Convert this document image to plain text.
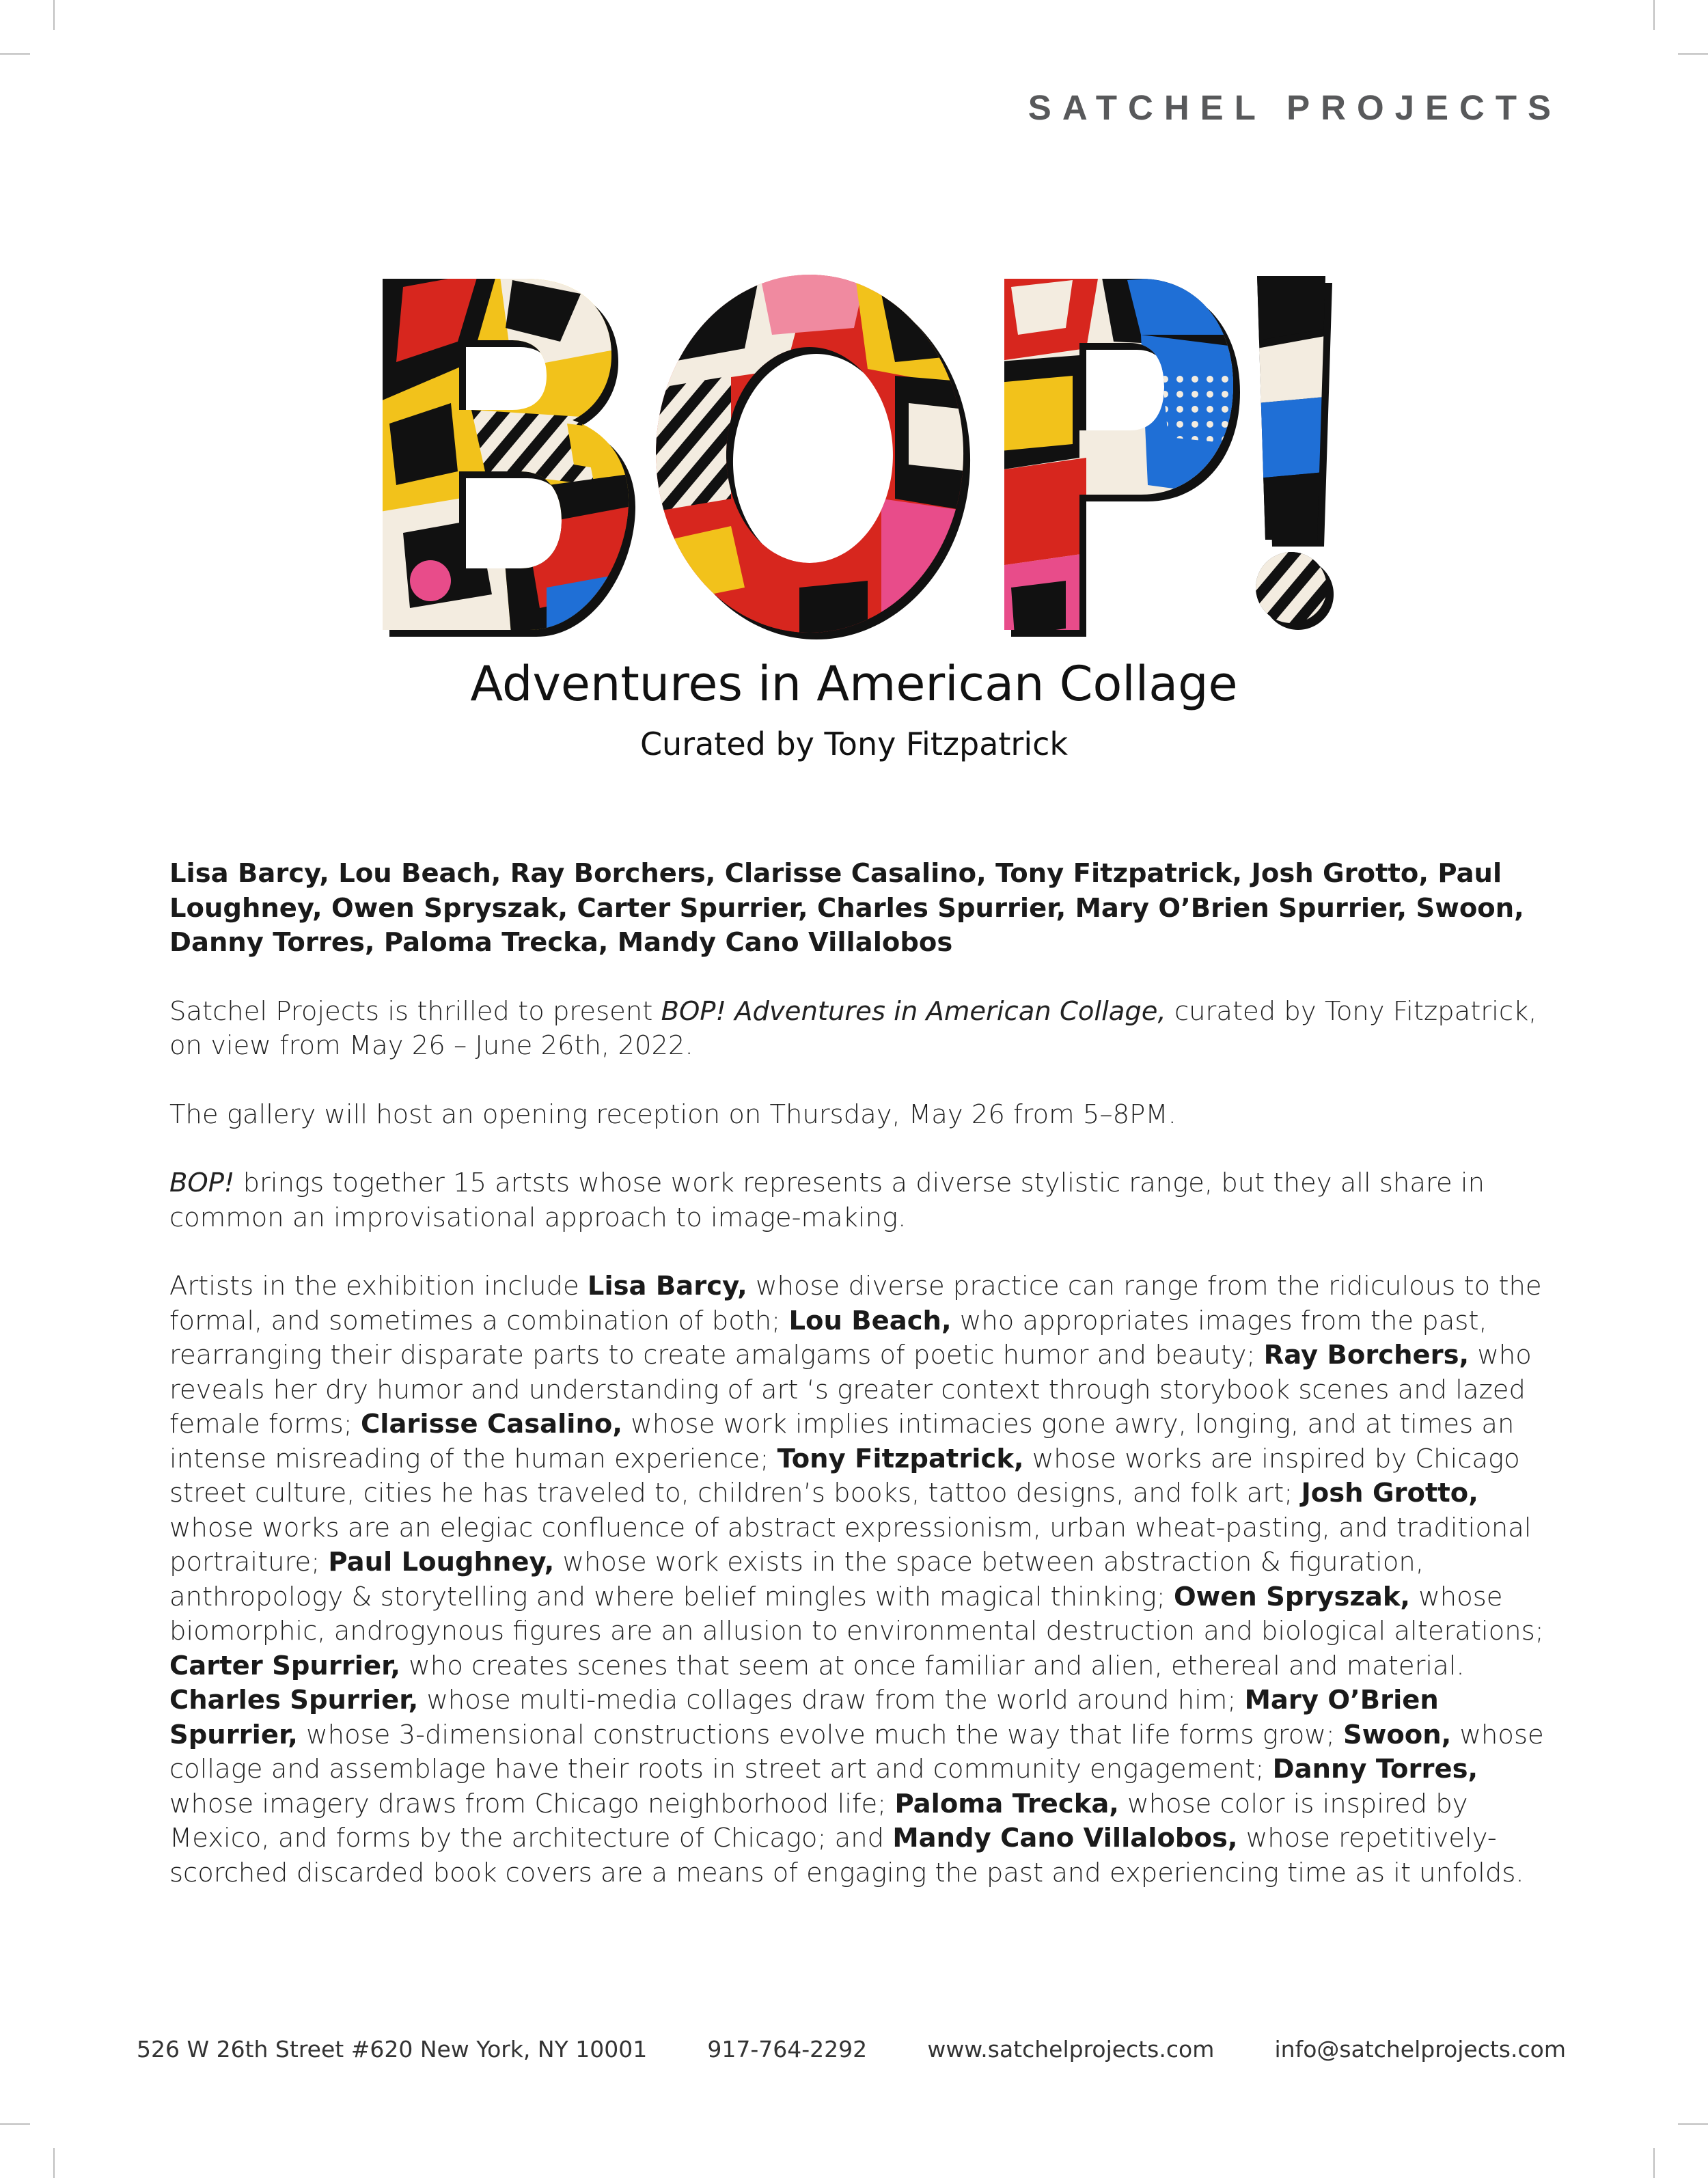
SATCHEL PROJECTS
Adventures in American Collage
Curated by Tony Fitzpatrick

Lisa Barcy, Lou Beach, Ray Borchers, Clarisse Casalino, Tony Fitzpatrick, Josh Grotto, Paul Loughney, Owen Spryszak, Carter Spurrier, Charles Spurrier, Mary O’Brien Spurrier, Swoon, Danny Torres, Paloma Trecka, Mandy Cano Villalobos

Satchel Projects is thrilled to present BOP! Adventures in American Collage, curated by Tony Fitzpatrick, on view from May 26 – June 26th, 2022.

The gallery will host an opening reception on Thursday, May 26 from 5–8PM.

BOP! brings together 15 artsts whose work represents a diverse stylistic range, but they all share in common an improvisational approach to image-making.

Artists in the exhibition include Lisa Barcy, whose diverse practice can range from the ridiculous to the formal, and sometimes a combination of both; Lou Beach, who appropriates images from the past, rearranging their disparate parts to create amalgams of poetic humor and beauty; Ray Borchers, who reveals her dry humor and understanding of art ‘s greater context through storybook scenes and lazed female forms; Clarisse Casalino, whose work implies intimacies gone awry, longing, and at times an intense misreading of the human experience; Tony Fitzpatrick, whose works are inspired by Chicago street culture, cities he has traveled to, children’s books, tattoo designs, and folk art; Josh Grotto, whose works are an elegiac confluence of abstract expressionism, urban wheat-pasting, and traditional portraiture; Paul Loughney, whose work exists in the space between abstraction & figuration, anthropology & storytelling and where belief mingles with magical thinking; Owen Spryszak, whose biomorphic, androgynous figures are an allusion to environmental destruction and biological alterations; Carter Spurrier, who creates scenes that seem at once familiar and alien, ethereal and material. Charles Spurrier, whose multi-media collages draw from the world around him; Mary O’Brien Spurrier, whose 3-dimensional constructions evolve much the way that life forms grow; Swoon, whose collage and assemblage have their roots in street art and community engagement; Danny Torres, whose imagery draws from Chicago neighborhood life; Paloma Trecka, whose color is inspired by Mexico, and forms by the architecture of Chicago; and Mandy Cano Villalobos, whose repetitively-scorched discarded book covers are a means of engaging the past and experiencing time as it unfolds.

526 W 26th Street #620 New York, NY 10001	917-764-2292	www.satchelprojects.com	info@satchelprojects.com
